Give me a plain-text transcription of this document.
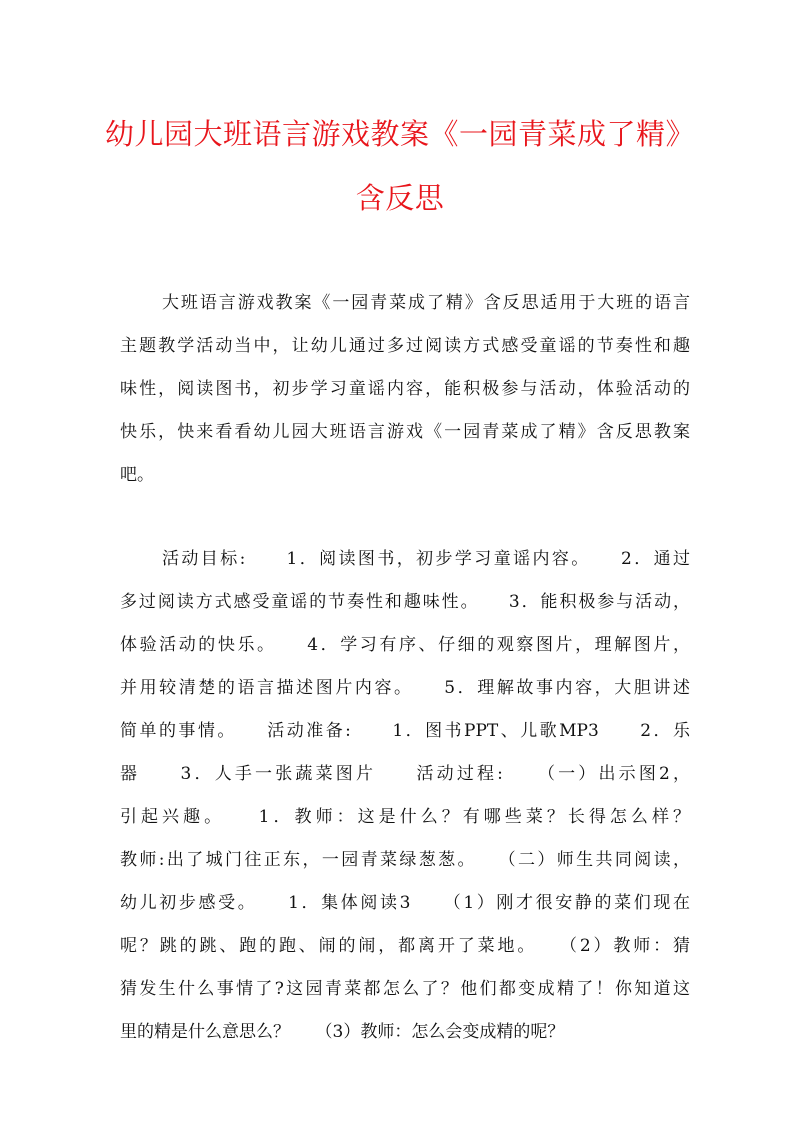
幼儿园大班语言游戏教案《一园青菜成了精》
含反思
大班语言游戏教案《一园青菜成了精》含反思适用于大班的语言
主题教学活动当中，让幼儿通过多过阅读方式感受童谣的节奏性和趣
味性，阅读图书，初步学习童谣内容，能积极参与活动，体验活动的
快乐，快来看看幼儿园大班语言游戏《一园青菜成了精》含反思教案
吧。
活动目标:　　1．阅读图书，初步学习童谣内容。　　2．通过
多过阅读方式感受童谣的节奏性和趣味性。　　3．能积极参与活动，
体验活动的快乐。　　4．学习有序、仔细的观察图片，理解图片，
并用较清楚的语言描述图片内容。　　5．理解故事内容，大胆讲述
简单的事情。　　活动准备:　　1．图书PPT、儿歌MP3　　2．乐
器　　3．人手一张蔬菜图片　　活动过程:　　（一）出示图2，
引起兴趣。　　1．教师：这是什么？有哪些菜？长得怎么样？
教师:出了城门往正东，一园青菜绿葱葱。　　（二）师生共同阅读，
幼儿初步感受。　　1．集体阅读3　　（1）刚才很安静的菜们现在
呢？跳的跳、跑的跑、闹的闹，都离开了菜地。　　（2）教师：猜
猜发生什么事情了?这园青菜都怎么了？他们都变成精了！你知道这
里的精是什么意思么？　　（3）教师：怎么会变成精的呢？
